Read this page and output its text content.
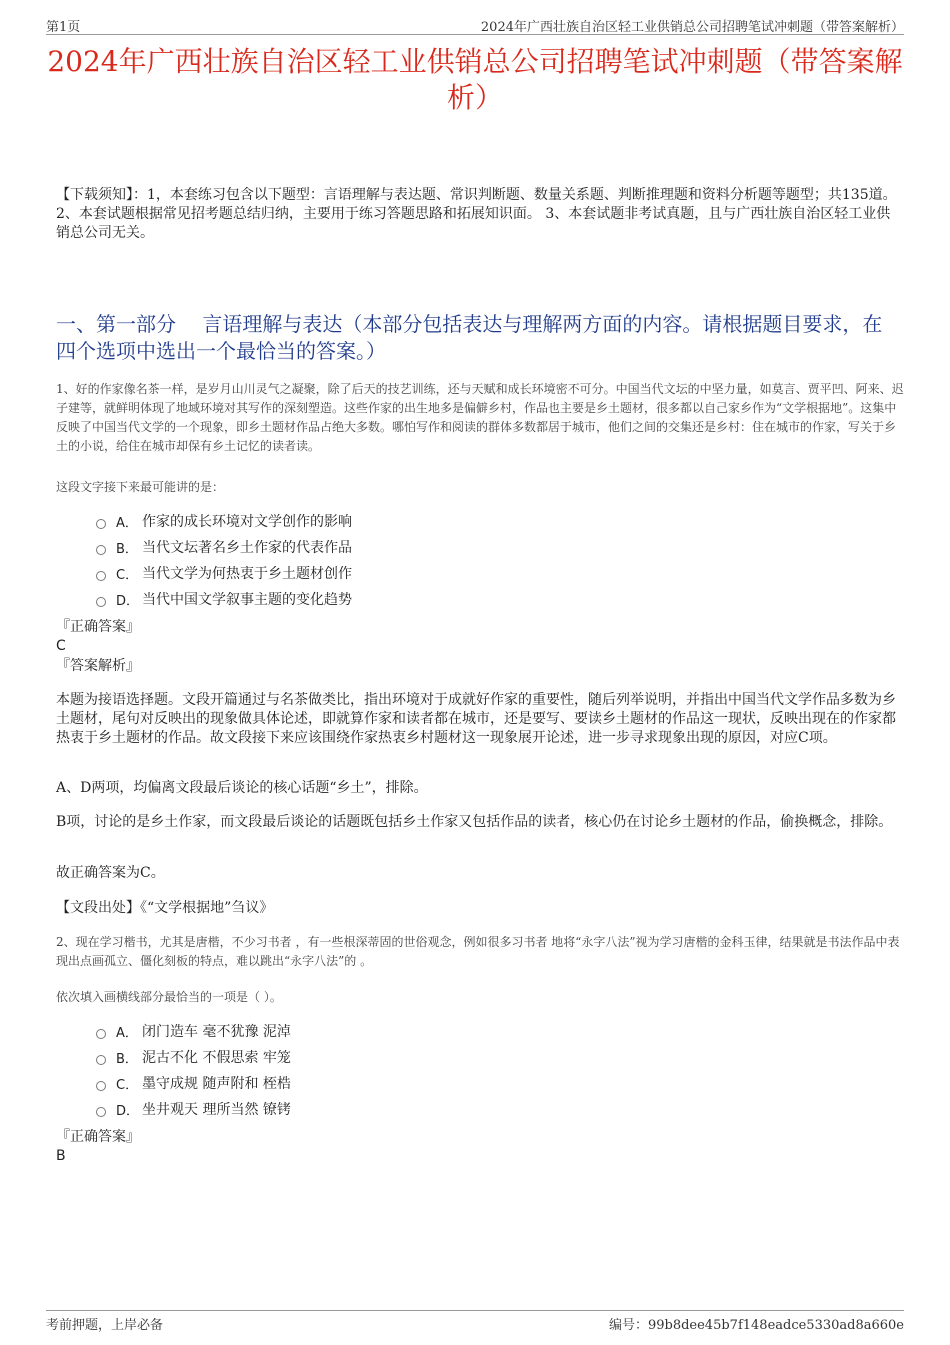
第1页	2024年广西壮族自治区轻工业供销总公司招聘笔试冲刺题（带答案解析）
2024年广西壮族自治区轻工业供销总公司招聘笔试冲刺题（带答案解析）
【下载须知】：1，本套练习包含以下题型：言语理解与表达题、常识判断题、数量关系题、判断推理题和资料分析题等题型；共135道。 2、本套试题根据常见招考题总结归纳，主要用于练习答题思路和拓展知识面。 3、本套试题非考试真题，且与广西壮族自治区轻工业供销总公司无关。
一、第一部分　 言语理解与表达（本部分包括表达与理解两方面的内容。请根据题目要求，在四个选项中选出一个最恰当的答案。）
1、好的作家像名茶一样，是岁月山川灵气之凝聚，除了后天的技艺训练，还与天赋和成长环境密不可分。中国当代文坛的中坚力量，如莫言、贾平凹、阿来、迟子建等，就鲜明体现了地域环境对其写作的深刻塑造。这些作家的出生地多是偏僻乡村，作品也主要是乡土题材，很多都以自己家乡作为“文学根据地”。这集中反映了中国当代文学的一个现象，即乡土题材作品占绝大多数。哪怕写作和阅读的群体多数都居于城市，他们之间的交集还是乡村：住在城市的作家，写关于乡土的小说，给住在城市却保有乡土记忆的读者读。
这段文字接下来最可能讲的是：
A． 作家的成长环境对文学创作的影响
B． 当代文坛著名乡土作家的代表作品
C． 当代文学为何热衷于乡土题材创作
D． 当代中国文学叙事主题的变化趋势
『正确答案』
C
『答案解析』
本题为接语选择题。文段开篇通过与名茶做类比，指出环境对于成就好作家的重要性，随后列举说明，并指出中国当代文学作品多数为乡土题材，尾句对反映出的现象做具体论述，即就算作家和读者都在城市，还是要写、要读乡土题材的作品这一现状，反映出现在的作家都热衷于乡土题材的作品。故文段接下来应该围绕作家热衷乡村题材这一现象展开论述，进一步寻求现象出现的原因，对应C项。
A、D两项，均偏离文段最后谈论的核心话题“乡土”，排除。
B项，讨论的是乡土作家，而文段最后谈论的话题既包括乡土作家又包括作品的读者，核心仍在讨论乡土题材的作品，偷换概念，排除。
故正确答案为C。
【文段出处】《“文学根据地”刍议》
2、现在学习楷书，尤其是唐楷，不少习书者 ，有一些根深蒂固的世俗观念，例如很多习书者 地将“永字八法”视为学习唐楷的金科玉律，结果就是书法作品中表现出点画孤立、僵化刻板的特点，难以跳出“永字八法”的 。
依次填入画横线部分最恰当的一项是（ ）。
A． 闭门造车 毫不犹豫 泥淖
B． 泥古不化 不假思索 牢笼
C． 墨守成规 随声附和 桎梏
D． 坐井观天 理所当然 镣铐
『正确答案』
B
考前押题，上岸必备	编号：99b8dee45b7f148eadce5330ad8a660e
